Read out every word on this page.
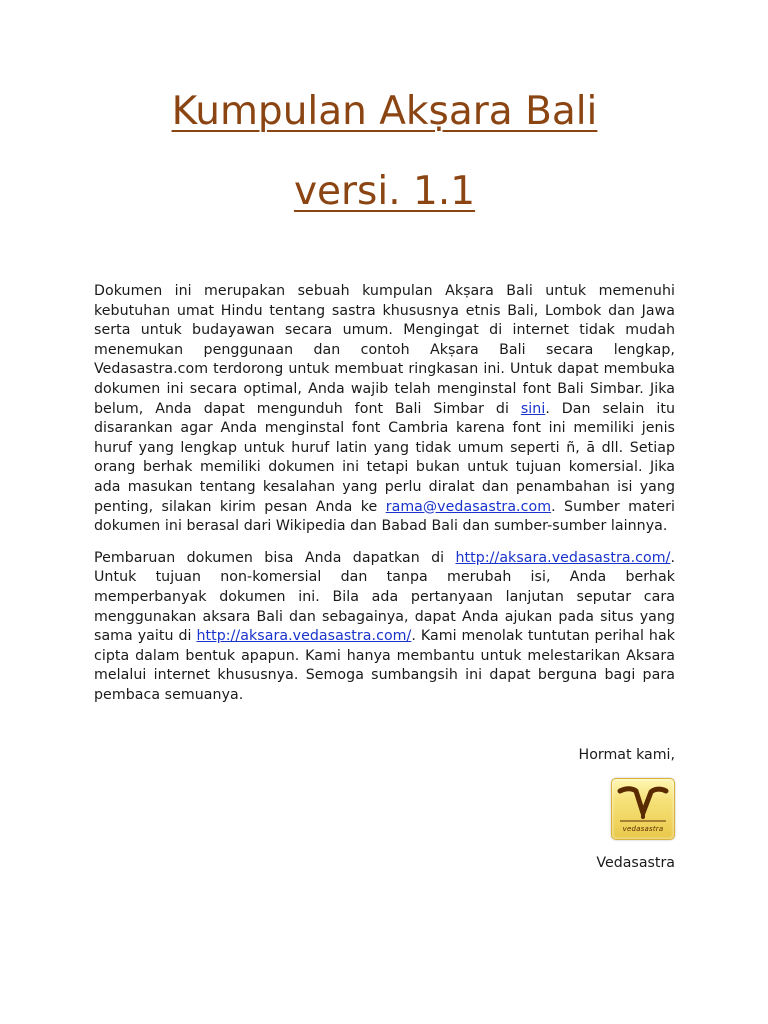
Kumpulan Akṣara Bali
versi. 1.1

Dokumen ini merupakan sebuah kumpulan Akṣara Bali untuk memenuhi kebutuhan umat Hindu tentang sastra khususnya etnis Bali, Lombok dan Jawa serta untuk budayawan secara umum. Mengingat di internet tidak mudah menemukan penggunaan dan contoh Akṣara Bali secara lengkap, Vedasastra.com terdorong untuk membuat ringkasan ini. Untuk dapat membuka dokumen ini secara optimal, Anda wajib telah menginstal font Bali Simbar. Jika belum, Anda dapat mengunduh font Bali Simbar di sini. Dan selain itu disarankan agar Anda menginstal font Cambria karena font ini memiliki jenis huruf yang lengkap untuk huruf latin yang tidak umum seperti ñ, ā dll. Setiap orang berhak memiliki dokumen ini tetapi bukan untuk tujuan komersial. Jika ada masukan tentang kesalahan yang perlu diralat dan penambahan isi yang penting, silakan kirim pesan Anda ke rama@vedasastra.com. Sumber materi dokumen ini berasal dari Wikipedia dan Babad Bali dan sumber-sumber lainnya.

Pembaruan dokumen bisa Anda dapatkan di http://aksara.vedasastra.com/. Untuk tujuan non-komersial dan tanpa merubah isi, Anda berhak memperbanyak dokumen ini. Bila ada pertanyaan lanjutan seputar cara menggunakan aksara Bali dan sebagainya, dapat Anda ajukan pada situs yang sama yaitu di http://aksara.vedasastra.com/. Kami menolak tuntutan perihal hak cipta dalam bentuk apapun. Kami hanya membantu untuk melestarikan Aksara melalui internet khususnya. Semoga sumbangsih ini dapat berguna bagi para pembaca semuanya.

Hormat kami,
vedasastra
Vedasastra
